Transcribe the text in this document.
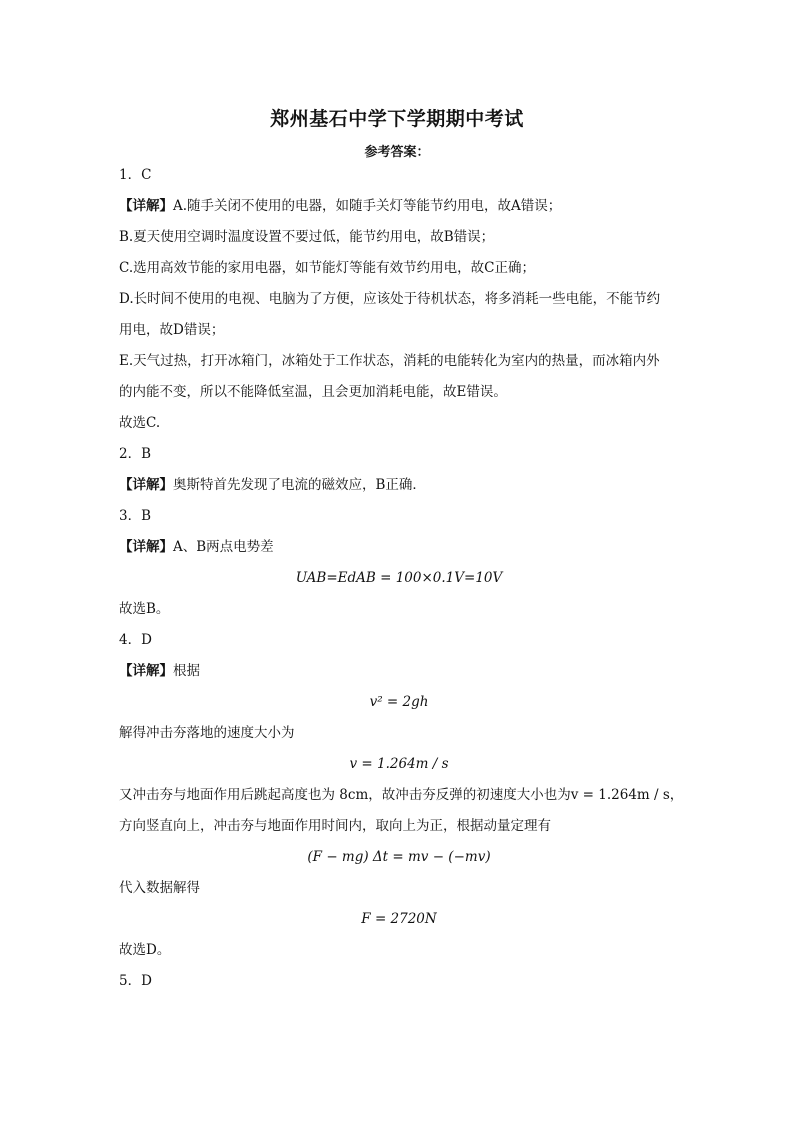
郑州基石中学下学期期中考试
参考答案：
1．C
【详解】A.随手关闭不使用的电器，如随手关灯等能节约用电，故A错误；
B.夏天使用空调时温度设置不要过低，能节约用电，故B错误；
C.选用高效节能的家用电器，如节能灯等能有效节约用电，故C正确；
D.长时间不使用的电视、电脑为了方便，应该处于待机状态，将多消耗一些电能，不能节约
用电，故D错误；
E.天气过热，打开冰箱门，冰箱处于工作状态，消耗的电能转化为室内的热量，而冰箱内外
的内能不变，所以不能降低室温，且会更加消耗电能，故E错误。
故选C.
2．B
【详解】奥斯特首先发现了电流的磁效应，B正确．
3．B
【详解】A、B两点电势差
UAB=EdAB = 100×0.1V=10V
故选B。
4．D
【详解】根据
v² = 2gh
解得冲击夯落地的速度大小为
v = 1.264m / s
又冲击夯与地面作用后跳起高度也为 8cm，故冲击夯反弹的初速度大小也为v = 1.264m / s，
方向竖直向上，冲击夯与地面作用时间内，取向上为正，根据动量定理有
(F − mg) Δt = mv − (−mv)
代入数据解得
F = 2720N
故选D。
5．D
